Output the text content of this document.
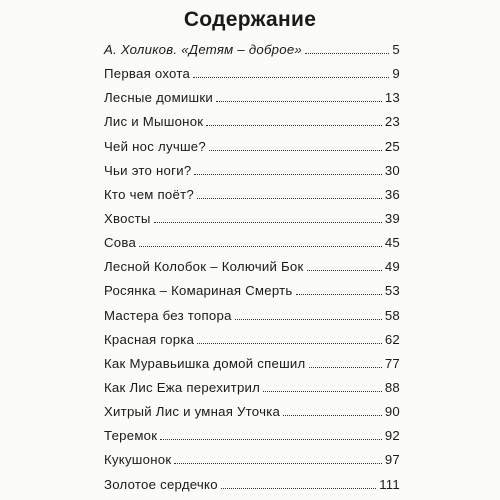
Содержание
А. Холиков. «Детям – доброе»	5
Первая охота	9
Лесные домишки	13
Лис и Мышонок	23
Чей нос лучше?	25
Чьи это ноги?	30
Кто чем поёт?	36
Хвосты	39
Сова	45
Лесной Колобок – Колючий Бок	49
Росянка – Комариная Смерть	53
Мастера без топора	58
Красная горка	62
Как Муравьишка домой спешил	77
Как Лис Ежа перехитрил	88
Хитрый Лис и умная Уточка	90
Теремок	92
Кукушонок	97
Золотое сердечко	111
